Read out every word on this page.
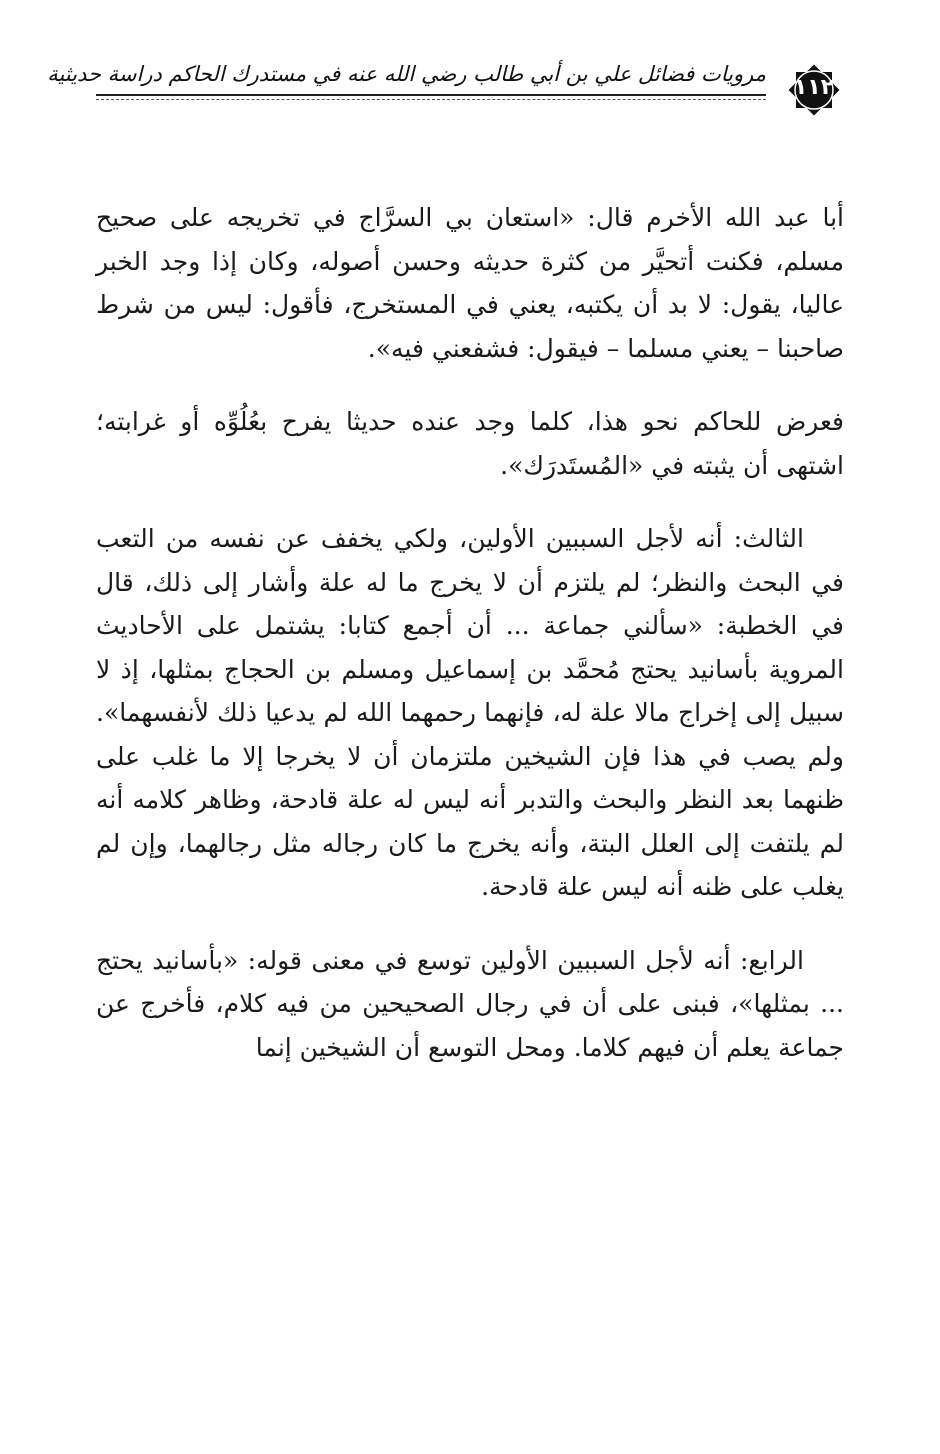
مرويات فضائل علي بن أبي طالب رضي الله عنه في مستدرك الحاكم دراسة حديثية
١١٢

أبا عبد الله الأخرم قال: «استعان بي السرَّاج في تخريجه على صحيح مسلم، فكنت أتحيَّر من كثرة حديثه وحسن أصوله، وكان إذا وجد الخبر عاليا، يقول: لا بد أن يكتبه، يعني في المستخرج، فأقول: ليس من شرط صاحبنا – يعني مسلما – فيقول: فشفعني فيه».

فعرض للحاكم نحو هذا، كلما وجد عنده حديثا يفرح بعُلُوِّه أو غرابته؛ اشتهى أن يثبته في «المُستَدرَك».

الثالث: أنه لأجل السببين الأولين، ولكي يخفف عن نفسه من التعب في البحث والنظر؛ لم يلتزم أن لا يخرج ما له علة وأشار إلى ذلك، قال في الخطبة: «سألني جماعة ... أن أجمع كتابا: يشتمل على الأحاديث المروية بأسانيد يحتج مُحمَّد بن إسماعيل ومسلم بن الحجاج بمثلها، إذ لا سبيل إلى إخراج مالا علة له، فإنهما رحمهما الله لم يدعيا ذلك لأنفسهما». ولم يصب في هذا فإن الشيخين ملتزمان أن لا يخرجا إلا ما غلب على ظنهما بعد النظر والبحث والتدبر أنه ليس له علة قادحة، وظاهر كلامه أنه لم يلتفت إلى العلل البتة، وأنه يخرج ما كان رجاله مثل رجالهما، وإن لم يغلب على ظنه أنه ليس علة قادحة.

الرابع: أنه لأجل السببين الأولين توسع في معنى قوله: «بأسانيد يحتج ... بمثلها»، فبنى على أن في رجال الصحيحين من فيه كلام، فأخرج عن جماعة يعلم أن فيهم كلاما. ومحل التوسع أن الشيخين إنما
